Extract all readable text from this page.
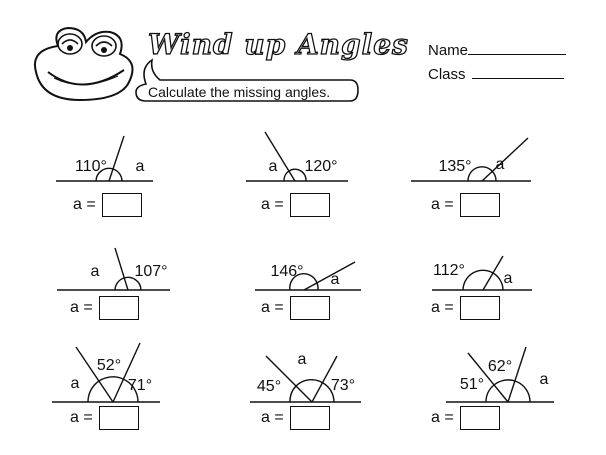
Wind up Angles
Calculate the missing angles.
Name
Class
110° a	a 120°	135° a
a 107°	146° a
112° a
a
52°
71°	45°
a
73°	51°
62°
a
a =	a =	a =
a =	a =	a =
a =	a =	a =
